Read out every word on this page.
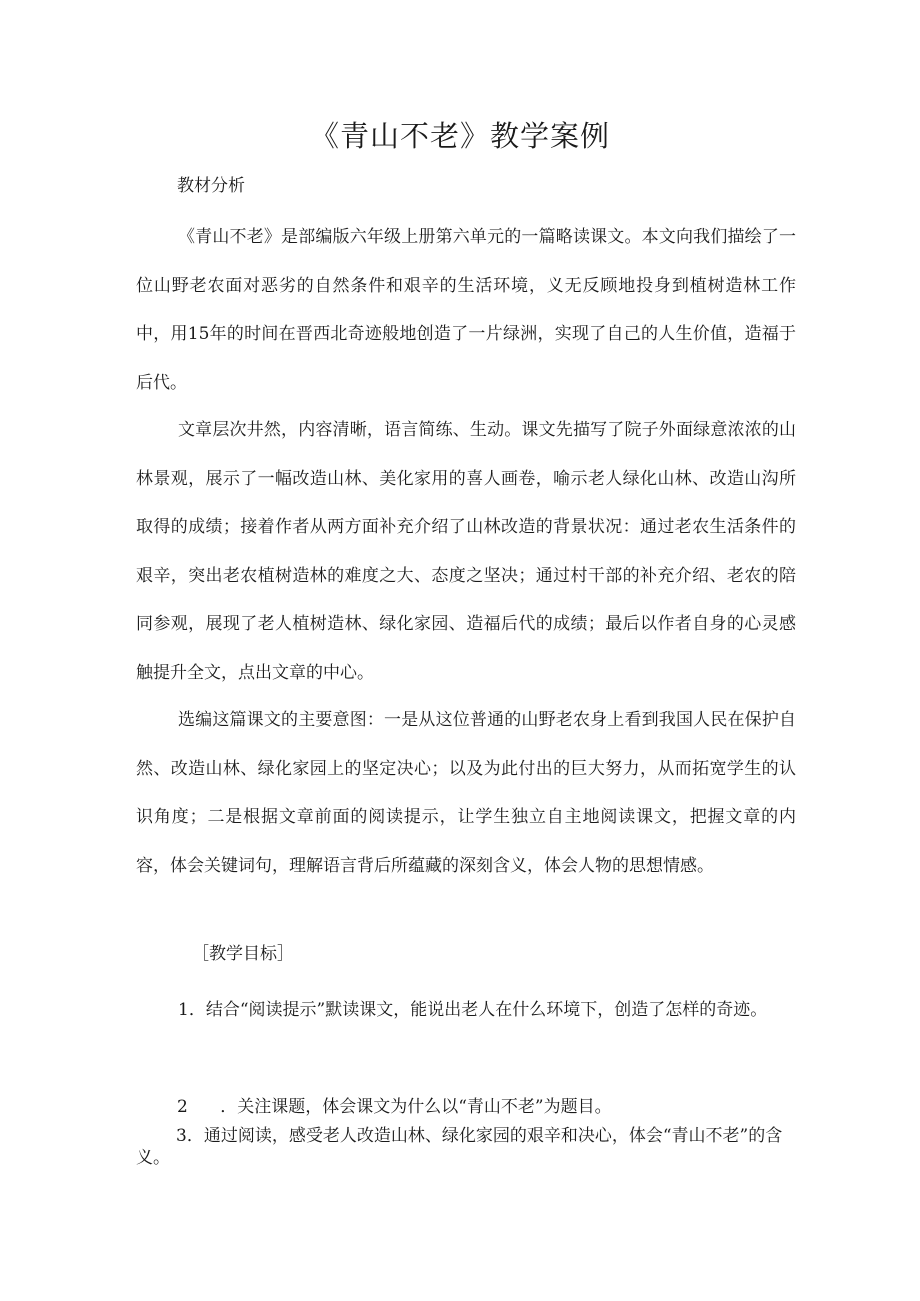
《青山不老》教学案例
教材分析

《青山不老》是部编版六年级上册第六单元的一篇略读课文。本文向我们描绘了一位山野老农面对恶劣的自然条件和艰辛的生活环境，义无反顾地投身到植树造林工作中，用15年的时间在晋西北奇迹般地创造了一片绿洲，实现了自己的人生价值，造福于后代。

文章层次井然，内容清晰，语言简练、生动。课文先描写了院子外面绿意浓浓的山林景观，展示了一幅改造山林、美化家用的喜人画卷，喻示老人绿化山林、改造山沟所取得的成绩；接着作者从两方面补充介绍了山林改造的背景状况：通过老农生活条件的艰辛，突出老农植树造林的难度之大、态度之坚决；通过村干部的补充介绍、老农的陪同参观，展现了老人植树造林、绿化家园、造福后代的成绩；最后以作者自身的心灵感触提升全文，点出文章的中心。

选编这篇课文的主要意图：一是从这位普通的山野老农身上看到我国人民在保护自然、改造山林、绿化家园上的坚定决心；以及为此付出的巨大努力，从而拓宽学生的认识角度；二是根据文章前面的阅读提示，让学生独立自主地阅读课文，把握文章的内容，体会关键词句，理解语言背后所蕴藏的深刻含义，体会人物的思想情感。

［教学目标］

1．结合“阅读提示”默读课文，能说出老人在什么环境下，创造了怎样的奇迹。

2      ．关注课题，体会课文为什么以“青山不老”为题目。

3．通过阅读，感受老人改造山林、绿化家园的艰辛和决心，体会“青山不老”的含义。
